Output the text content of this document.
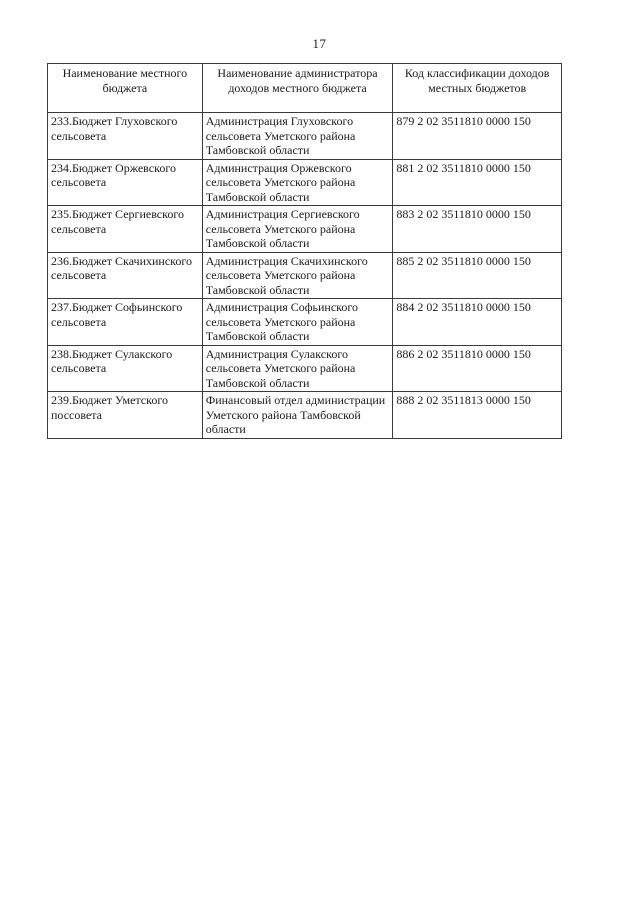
17
Наименование местного бюджета	Наименование администратора доходов местного бюджета	Код классификации доходов местных бюджетов
233.Бюджет Глуховского сельсовета	Администрация Глуховского сельсовета Уметского района Тамбовской области	879 2 02 3511810 0000 150
234.Бюджет Оржевского сельсовета	Администрация Оржевского сельсовета Уметского района Тамбовской области	881 2 02 3511810 0000 150
235.Бюджет Сергиевского сельсовета	Администрация Сергиевского сельсовета Уметского района Тамбовской области	883 2 02 3511810 0000 150
236.Бюджет Скачихинского сельсовета	Администрация Скачихинского сельсовета Уметского района Тамбовской области	885 2 02 3511810 0000 150
237.Бюджет Софьинского сельсовета	Администрация Софьинского сельсовета Уметского района Тамбовской области	884 2 02 3511810 0000 150
238.Бюджет Сулакского сельсовета	Администрация Сулакского сельсовета Уметского района Тамбовской области	886 2 02 3511810 0000 150
239.Бюджет Уметского поссовета	Финансовый отдел администрации Уметского района Тамбовской области	888 2 02 3511813 0000 150
